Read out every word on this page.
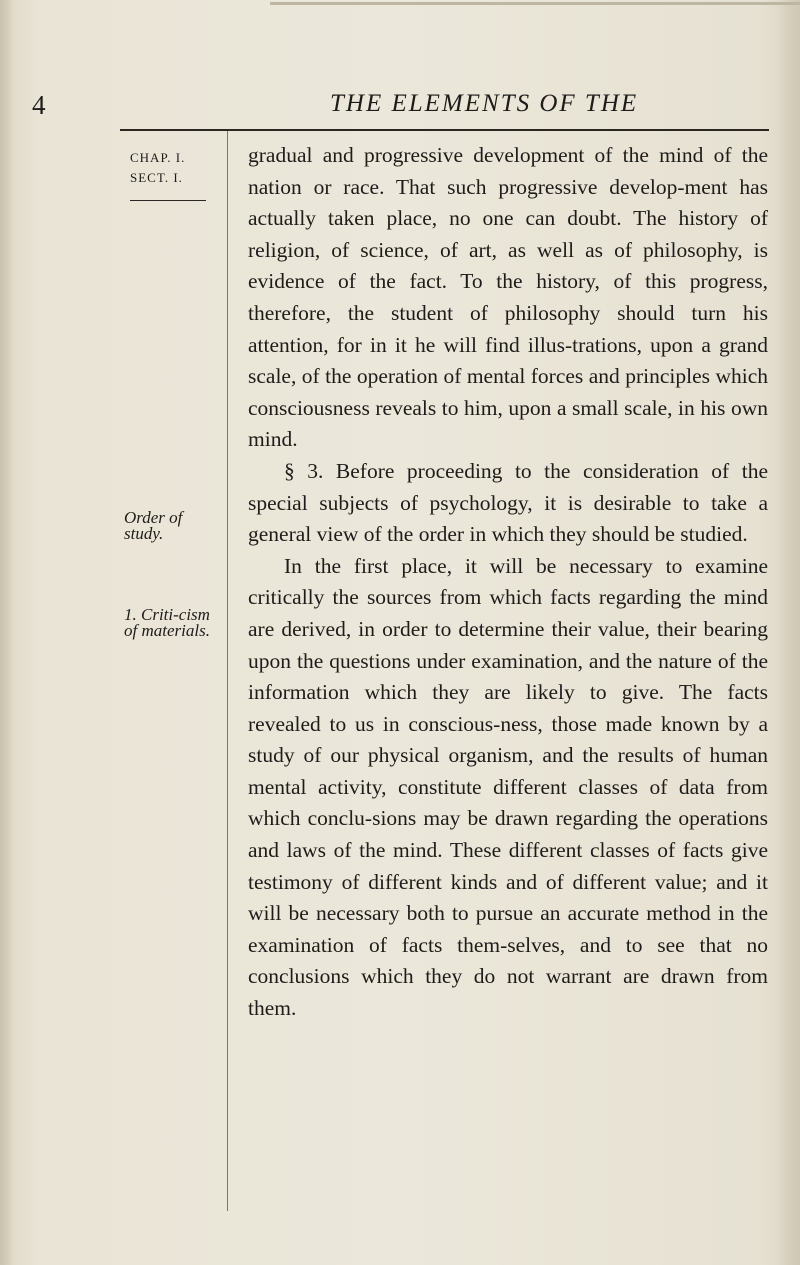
4	THE ELEMENTS OF THE
CHAP. I.
SECT. I.
Order of study.
1. Criti-cism of materials.

gradual and progressive development of the mind of the nation or race. That such progressive develop-ment has actually taken place, no one can doubt. The history of religion, of science, of art, as well as of philosophy, is evidence of the fact. To the history, of this progress, therefore, the student of philosophy should turn his attention, for in it he will find illus-trations, upon a grand scale, of the operation of mental forces and principles which consciousness reveals to him, upon a small scale, in his own mind.

§ 3. Before proceeding to the consideration of the special subjects of psychology, it is desirable to take a general view of the order in which they should be studied.

In the first place, it will be necessary to examine critically the sources from which facts regarding the mind are derived, in order to determine their value, their bearing upon the questions under examination, and the nature of the information which they are likely to give. The facts revealed to us in conscious-ness, those made known by a study of our physical organism, and the results of human mental activity, constitute different classes of data from which conclu-sions may be drawn regarding the operations and laws of the mind. These different classes of facts give testimony of different kinds and of different value; and it will be necessary both to pursue an accurate method in the examination of facts them-selves, and to see that no conclusions which they do not warrant are drawn from them.
